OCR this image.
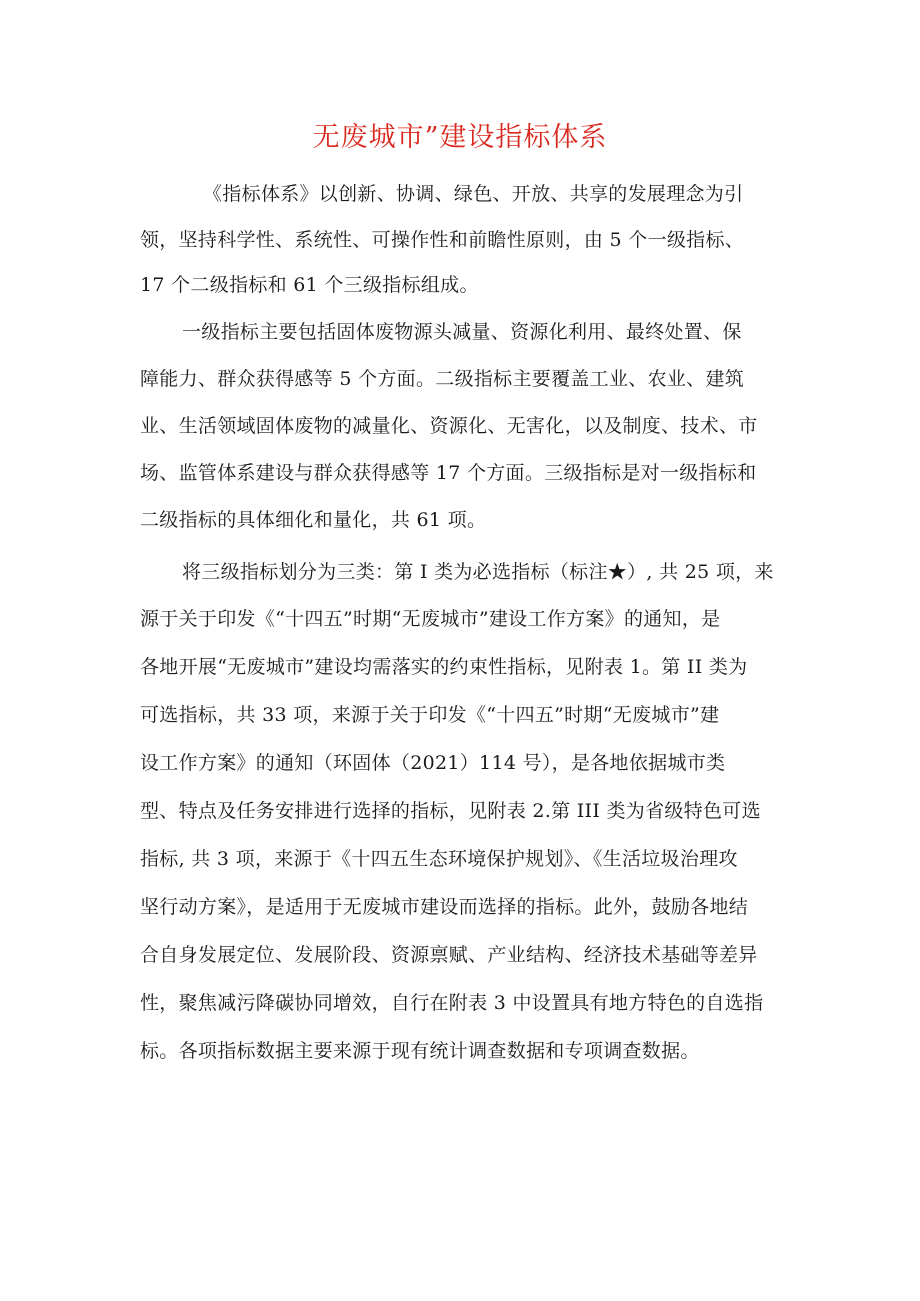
无废城市”建设指标体系
《指标体系》以创新、协调、绿色、开放、共享的发展理念为引
领，坚持科学性、系统性、可操作性和前瞻性原则，由 5 个一级指标、
17 个二级指标和 61 个三级指标组成。
一级指标主要包括固体废物源头减量、资源化利用、最终处置、保
障能力、群众获得感等 5 个方面。二级指标主要覆盖工业、农业、建筑
业、生活领域固体废物的减量化、资源化、无害化，以及制度、技术、市
场、监管体系建设与群众获得感等 17 个方面。三级指标是对一级指标和
二级指标的具体细化和量化，共 61 项。
将三级指标划分为三类：第 I 类为必选指标（标注★）, 共 25 项，来
源于关于印发《“十四五”时期“无废城市”建设工作方案》的通知，是
各地开展“无废城市”建设均需落实的约束性指标，见附表 1。第 II 类为
可选指标，共 33 项，来源于关于印发《“十四五”时期“无废城市”建
设工作方案》的通知（环固体（2021）114 号），是各地依据城市类
型、特点及任务安排进行选择的指标，见附表 2.第 III 类为省级特色可选
指标, 共 3 项，来源于《十四五生态环境保护规划》、《生活垃圾治理攻
坚行动方案》，是适用于无废城市建设而选择的指标。此外，鼓励各地结
合自身发展定位、发展阶段、资源禀赋、产业结构、经济技术基础等差异
性，聚焦减污降碳协同增效，自行在附表 3 中设置具有地方特色的自选指
标。各项指标数据主要来源于现有统计调查数据和专项调查数据。
